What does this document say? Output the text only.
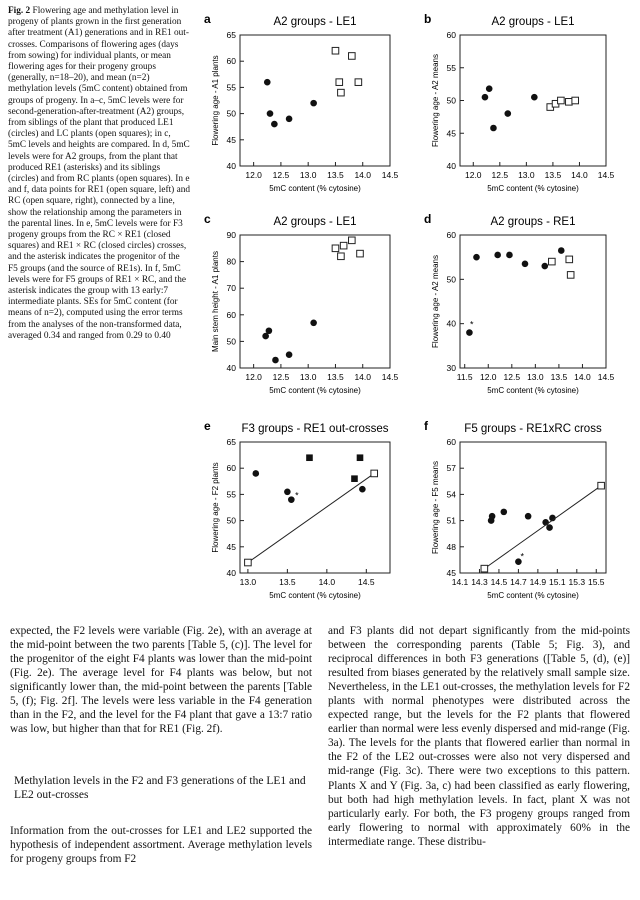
Fig. 2 Flowering age and methylation level in progeny of plants grown in the first generation after treatment (A1) generations and in RE1 out-crosses. Comparisons of flowering ages (days from sowing) for individual plants, or mean flowering ages for their progeny groups (generally, n=18–20), and mean (n=2) methylation levels (5mC content) obtained from groups of progeny. In a–c, 5mC levels were for second-generation-after-treatment (A2) groups, from siblings of the plant that produced LE1 (circles) and LC plants (open squares); in c, 5mC levels and heights are compared. In d, 5mC levels were for A2 groups, from the plant that produced RE1 (asterisks) and its siblings (circles) and from RC plants (open squares). In e and f, data points for RE1 (open square, left) and RC (open square, right), connected by a line, show the relationship among the parameters in the parental lines. In e, 5mC levels were for F3 progeny groups from the RC × RE1 (closed squares) and RE1 × RC (closed circles) crosses, and the asterisk indicates the progenitor of the F5 groups (and the source of RE1s). In f, 5mC levels were for F5 groups of RE1 × RC, and the asterisk indicates the group with 13 early:7 intermediate plants. SEs for 5mC content (for means of n=2), computed using the error terms from the analyses of the non-transformed data, averaged 0.34 and ranged from 0.29 to 0.40
a	A2 groups - LE1
12.0 12.5 13.0 13.5 14.0 14.5
40
45
50
55
60
65
5mC content (% cytosine)
Flowering age - A1 plants
b	A2 groups - LE1
12.0 12.5 13.0 13.5 14.0 14.5
40
45
50
55
60
5mC content (% cytosine)
Flowering age - A2 means
c	A2 groups - LE1
12.0 12.5 13.0 13.5 14.0 14.5
40
50
60
70
80
90
5mC content (% cytosine)
Main stem height - A1 plants
d	A2 groups - RE1
11.5 12.0 12.5 13.0 13.5 14.0 14.5
30
40
50
60
5mC content (% cytosine)
Flowering age - A2 means	*
e	F3 groups - RE1 out-crosses
13.0	13.5	14.0	14.5
40
45
50
55
60
65
5mC content (% cytosine)
Flowering age - F2 plants	*
f	F5 groups - RE1xRC cross
14.1 14.3 14.5 14.7 14.9 15.1 15.3 15.5
45
48
51
54
57
60
5mC content (% cytosine)
Flowering age - F5 means
*

expected, the F2 levels were variable (Fig. 2e), with an average at the mid-point between the two parents [Table 5, (c)]. The level for the progenitor of the eight F4 plants was lower than the mid-point (Fig. 2e). The average level for F4 plants was below, but not significantly lower than, the mid-point between the parents [Table 5, (f); Fig. 2f]. The levels were less variable in the F4 generation than in the F2, and the level for the F4 plant that gave a 13:7 ratio was low, but higher than that for RE1 (Fig. 2f).

Methylation levels in the F2 and F3 generations of the LE1 and LE2 out-crosses

Information from the out-crosses for LE1 and LE2 supported the hypothesis of independent assortment. Average methylation levels for progeny groups from F2

and F3 plants did not depart significantly from the mid-points between the corresponding parents (Table 5; Fig. 3), and reciprocal differences in both F3 generations ([Table 5, (d), (e)] resulted from biases generated by the relatively small sample size. Nevertheless, in the LE1 out-crosses, the methylation levels for F2 plants with normal phenotypes were distributed across the expected range, but the levels for the F2 plants that flowered earlier than normal were less evenly dispersed and mid-range (Fig. 3a). The levels for the plants that flowered earlier than normal in the F2 of the LE2 out-crosses were also not very dispersed and mid-range (Fig. 3c). There were two exceptions to this pattern. Plants X and Y (Fig. 3a, c) had been classified as early flowering, but both had high methylation levels. In fact, plant X was not particularly early. For both, the F3 progeny groups ranged from early flowering to normal with approximately 60% in the intermediate range. These distribu-
